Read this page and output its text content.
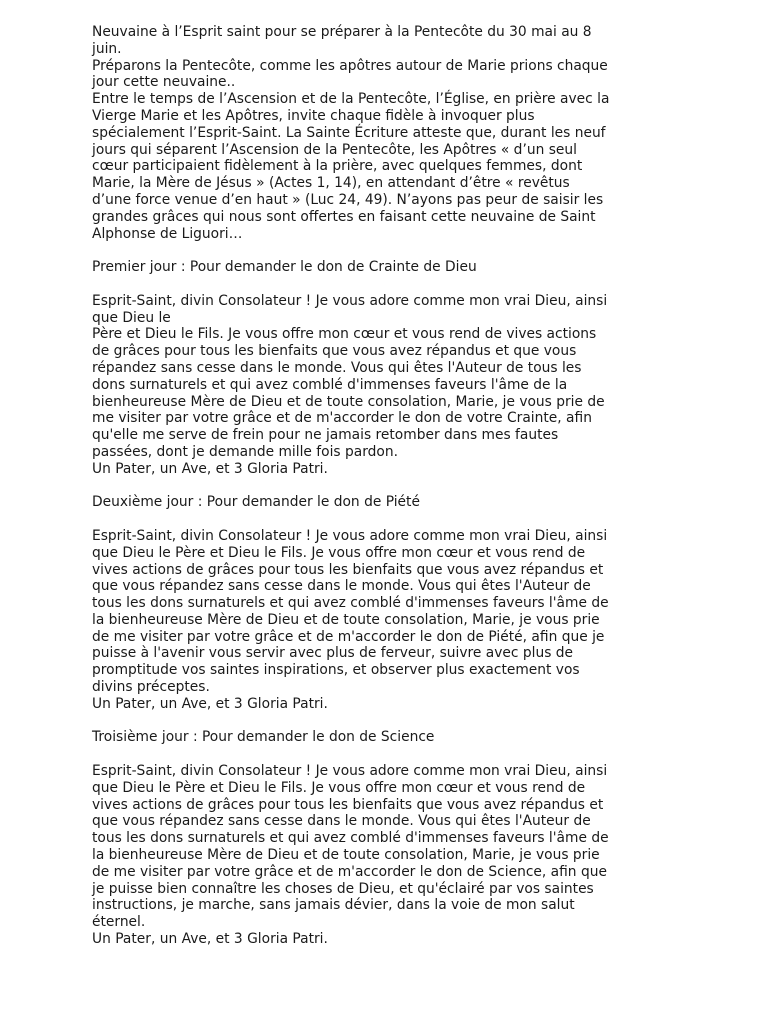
Neuvaine à l’Esprit saint pour se préparer à la Pentecôte du 30 mai au 8
juin.
Préparons la Pentecôte, comme les apôtres autour de Marie prions chaque
jour cette neuvaine..
Entre le temps de l’Ascension et de la Pentecôte, l’Église, en prière avec la
Vierge Marie et les Apôtres, invite chaque fidèle à invoquer plus
spécialement l’Esprit-Saint. La Sainte Écriture atteste que, durant les neuf
jours qui séparent l’Ascension de la Pentecôte, les Apôtres « d’un seul
cœur participaient fidèlement à la prière, avec quelques femmes, dont
Marie, la Mère de Jésus » (Actes 1, 14), en attendant d’être « revêtus
d’une force venue d’en haut » (Luc 24, 49). N’ayons pas peur de saisir les
grandes grâces qui nous sont offertes en faisant cette neuvaine de Saint
Alphonse de Liguori…
Premier jour : Pour demander le don de Crainte de Dieu
Esprit-Saint, divin Consolateur ! Je vous adore comme mon vrai Dieu, ainsi
que Dieu le
Père et Dieu le Fils. Je vous offre mon cœur et vous rend de vives actions
de grâces pour tous les bienfaits que vous avez répandus et que vous
répandez sans cesse dans le monde. Vous qui êtes l'Auteur de tous les
dons surnaturels et qui avez comblé d'immenses faveurs l'âme de la
bienheureuse Mère de Dieu et de toute consolation, Marie, je vous prie de
me visiter par votre grâce et de m'accorder le don de votre Crainte, afin
qu'elle me serve de frein pour ne jamais retomber dans mes fautes
passées, dont je demande mille fois pardon.
Un Pater, un Ave, et 3 Gloria Patri.
Deuxième jour : Pour demander le don de Piété
Esprit-Saint, divin Consolateur ! Je vous adore comme mon vrai Dieu, ainsi
que Dieu le Père et Dieu le Fils. Je vous offre mon cœur et vous rend de
vives actions de grâces pour tous les bienfaits que vous avez répandus et
que vous répandez sans cesse dans le monde. Vous qui êtes l'Auteur de
tous les dons surnaturels et qui avez comblé d'immenses faveurs l'âme de
la bienheureuse Mère de Dieu et de toute consolation, Marie, je vous prie
de me visiter par votre grâce et de m'accorder le don de Piété, afin que je
puisse à l'avenir vous servir avec plus de ferveur, suivre avec plus de
promptitude vos saintes inspirations, et observer plus exactement vos
divins préceptes.
Un Pater, un Ave, et 3 Gloria Patri.
Troisième jour : Pour demander le don de Science
Esprit-Saint, divin Consolateur ! Je vous adore comme mon vrai Dieu, ainsi
que Dieu le Père et Dieu le Fils. Je vous offre mon cœur et vous rend de
vives actions de grâces pour tous les bienfaits que vous avez répandus et
que vous répandez sans cesse dans le monde. Vous qui êtes l'Auteur de
tous les dons surnaturels et qui avez comblé d'immenses faveurs l'âme de
la bienheureuse Mère de Dieu et de toute consolation, Marie, je vous prie
de me visiter par votre grâce et de m'accorder le don de Science, afin que
je puisse bien connaître les choses de Dieu, et qu'éclairé par vos saintes
instructions, je marche, sans jamais dévier, dans la voie de mon salut
éternel.
Un Pater, un Ave, et 3 Gloria Patri.
